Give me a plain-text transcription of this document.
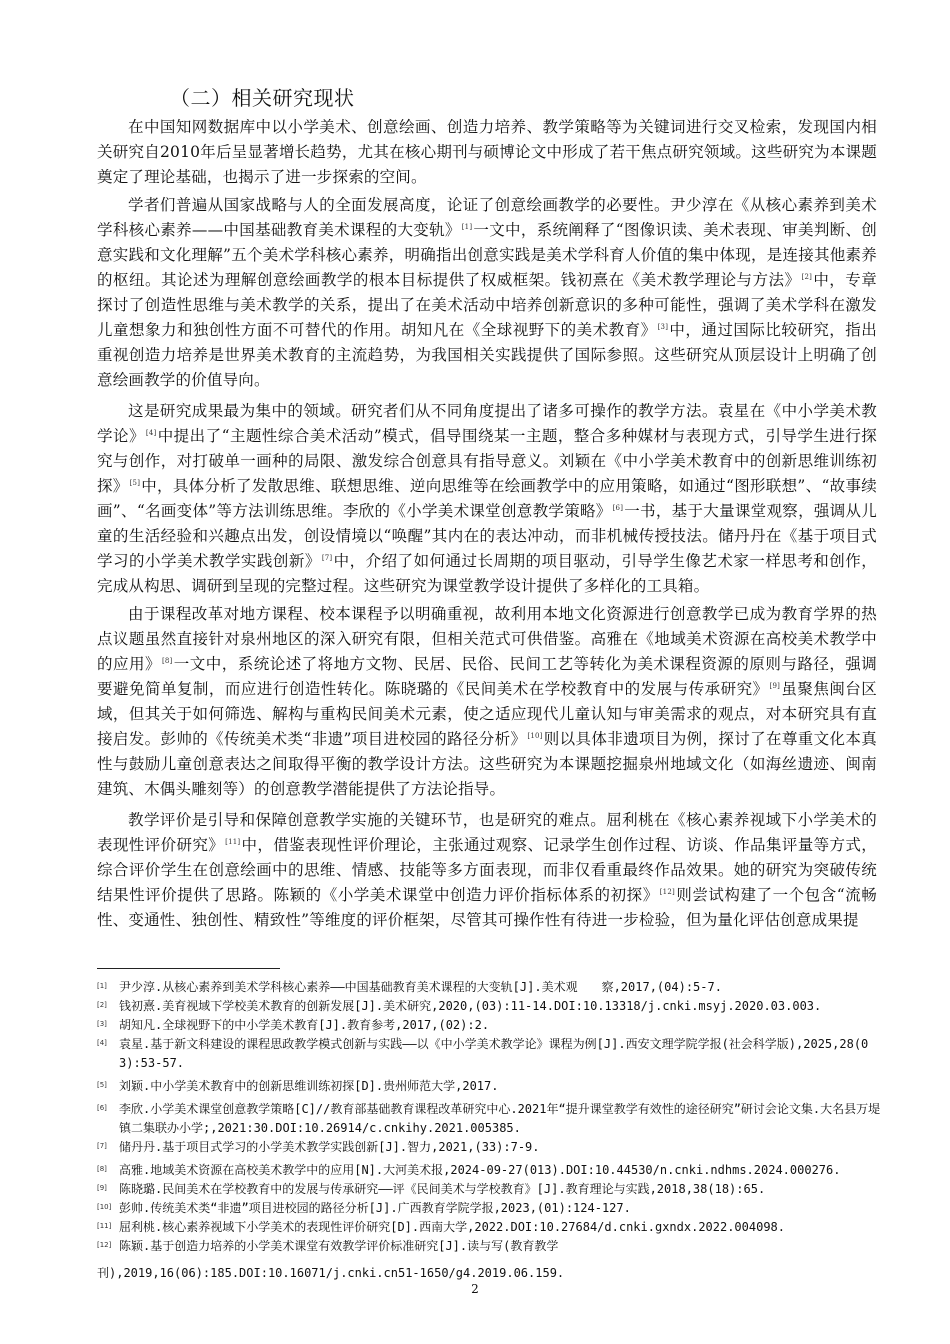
（二）相关研究现状

在中国知网数据库中以小学美术、创意绘画、创造力培养、教学策略等为关键词进行交叉检索，发现国内相关研究自2010年后呈显著增长趋势，尤其在核心期刊与硕博论文中形成了若干焦点研究领域。这些研究为本课题奠定了理论基础，也揭示了进一步探索的空间。

学者们普遍从国家战略与人的全面发展高度，论证了创意绘画教学的必要性。尹少淳在《从核心素养到美术学科核心素养——中国基础教育美术课程的大变轨》[1]一文中，系统阐释了“图像识读、美术表现、审美判断、创意实践和文化理解”五个美术学科核心素养，明确指出创意实践是美术学科育人价值的集中体现，是连接其他素养的枢纽。其论述为理解创意绘画教学的根本目标提供了权威框架。钱初熹在《美术教学理论与方法》[2]中，专章探讨了创造性思维与美术教学的关系，提出了在美术活动中培养创新意识的多种可能性，强调了美术学科在激发儿童想象力和独创性方面不可替代的作用。胡知凡在《全球视野下的美术教育》[3]中，通过国际比较研究，指出重视创造力培养是世界美术教育的主流趋势，为我国相关实践提供了国际参照。这些研究从顶层设计上明确了创意绘画教学的价值导向。

这是研究成果最为集中的领域。研究者们从不同角度提出了诸多可操作的教学方法。袁星在《中小学美术教学论》[4]中提出了“主题性综合美术活动”模式，倡导围绕某一主题，整合多种媒材与表现方式，引导学生进行探究与创作，对打破单一画种的局限、激发综合创意具有指导意义。刘颖在《中小学美术教育中的创新思维训练初探》[5]中，具体分析了发散思维、联想思维、逆向思维等在绘画教学中的应用策略，如通过“图形联想”、“故事续画”、“名画变体”等方法训练思维。李欣的《小学美术课堂创意教学策略》[6]一书，基于大量课堂观察，强调从儿童的生活经验和兴趣点出发，创设情境以“唤醒”其内在的表达冲动，而非机械传授技法。储丹丹在《基于项目式学习的小学美术教学实践创新》[7]中，介绍了如何通过长周期的项目驱动，引导学生像艺术家一样思考和创作，完成从构思、调研到呈现的完整过程。这些研究为课堂教学设计提供了多样化的工具箱。

由于课程改革对地方课程、校本课程予以明确重视，故利用本地文化资源进行创意教学已成为教育学界的热点议题虽然直接针对泉州地区的深入研究有限，但相关范式可供借鉴。高雅在《地域美术资源在高校美术教学中的应用》[8]一文中，系统论述了将地方文物、民居、民俗、民间工艺等转化为美术课程资源的原则与路径，强调要避免简单复制，而应进行创造性转化。陈晓璐的《民间美术在学校教育中的发展与传承研究》[9]虽聚焦闽台区域，但其关于如何筛选、解构与重构民间美术元素，使之适应现代儿童认知与审美需求的观点，对本研究具有直接启发。彭帅的《传统美术类“非遗”项目进校园的路径分析》[10]则以具体非遗项目为例，探讨了在尊重文化本真性与鼓励儿童创意表达之间取得平衡的教学设计方法。这些研究为本课题挖掘泉州地域文化（如海丝遗迹、闽南建筑、木偶头雕刻等）的创意教学潜能提供了方法论指导。

教学评价是引导和保障创意教学实施的关键环节，也是研究的难点。屈利桃在《核心素养视域下小学美术的表现性评价研究》[11]中，借鉴表现性评价理论，主张通过观察、记录学生创作过程、访谈、作品集评量等方式，综合评价学生在创意绘画中的思维、情感、技能等多方面表现，而非仅看重最终作品效果。她的研究为突破传统结果性评价提供了思路。陈颖的《小学美术课堂中创造力评价指标体系的初探》[12]则尝试构建了一个包含“流畅性、变通性、独创性、精致性”等维度的评价框架，尽管其可操作性有待进一步检验，但为量化评估创意成果提

[1] 尹少淳.从核心素养到美术学科核心素养——中国基础教育美术课程的大变轨[J].美术观　　察,2017,(04):5-7.

[2] 钱初熹.美育视域下学校美术教育的创新发展[J].美术研究,2020,(03):11-14.DOI:10.13318/j.cnki.msyj.2020.03.003.

[3] 胡知凡.全球视野下的中小学美术教育[J].教育参考,2017,(02):2.

[4] 袁星.基于新文科建设的课程思政教学模式创新与实践——以《中小学美术教学论》课程为例[J].西安文理学院学报(社会科学版),2025,28(03):53-57.

[5] 刘颖.中小学美术教育中的创新思维训练初探[D].贵州师范大学,2017.

[6] 李欣.小学美术课堂创意教学策略[C]//教育部基础教育课程改革研究中心.2021年“提升课堂教学有效性的途径研究”研讨会论文集.大名县万堤镇二集联办小学;,2021:30.DOI:10.26914/c.cnkihy.2021.005385.

[7] 储丹丹.基于项目式学习的小学美术教学实践创新[J].智力,2021,(33):7-9.

[8] 高雅.地域美术资源在高校美术教学中的应用[N].大河美术报,2024-09-27(013).DOI:10.44530/n.cnki.ndhms.2024.000276.

[9] 陈晓璐.民间美术在学校教育中的发展与传承研究——评《民间美术与学校教育》[J].教育理论与实践,2018,38(18):65.

[10] 彭帅.传统美术类“非遗”项目进校园的路径分析[J].广西教育学院学报,2023,(01):124-127.

[11] 屈利桃.核心素养视域下小学美术的表现性评价研究[D].西南大学,2022.DOI:10.27684/d.cnki.gxndx.2022.004098.

[12] 陈颖.基于创造力培养的小学美术课堂有效教学评价标准研究[J].读与写(教育教学

刊),2019,16(06):185.DOI:10.16071/j.cnki.cn51-1650/g4.2019.06.159.

2
